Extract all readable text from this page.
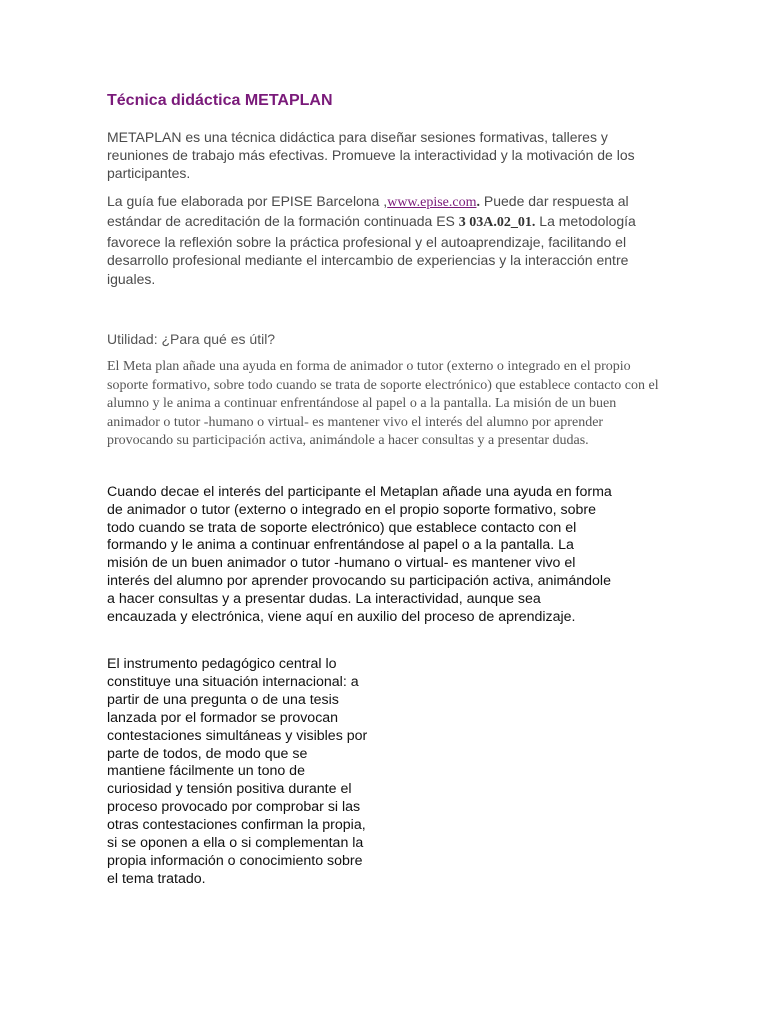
Técnica didáctica METAPLAN

METAPLAN es una técnica didáctica para diseñar sesiones formativas, talleres y reuniones de trabajo más efectivas. Promueve la interactividad y la motivación de los participantes.

La guía fue elaborada por EPISE Barcelona ,www.epise.com. Puede dar respuesta al estándar de acreditación de la formación continuada ES 3 03A.02_01. La metodología favorece la reflexión sobre la práctica profesional y el autoaprendizaje, facilitando el desarrollo profesional mediante el intercambio de experiencias y la interacción entre iguales.

Utilidad: ¿Para qué es útil?

El Meta plan añade una ayuda en forma de animador o tutor (externo o integrado en el propio soporte formativo, sobre todo cuando se trata de soporte electrónico) que establece contacto con el alumno y le anima a continuar enfrentándose al papel o a la pantalla. La misión de un buen animador o tutor -humano o virtual- es mantener vivo el interés del alumno por aprender provocando su participación activa, animándole a hacer consultas y a presentar dudas.

Cuando decae el interés del participante el Metaplan añade una ayuda en forma de animador o tutor (externo o integrado en el propio soporte formativo, sobre todo cuando se trata de soporte electrónico) que establece contacto con el formando y le anima a continuar enfrentándose al papel o a la pantalla. La misión de un buen animador o tutor -humano o virtual- es mantener vivo el interés del alumno por aprender provocando su participación activa, animándole a hacer consultas y a presentar dudas. La interactividad, aunque sea encauzada y electrónica, viene aquí en auxilio del proceso de aprendizaje.

El instrumento pedagógico central lo constituye una situación internacional: a partir de una pregunta o de una tesis lanzada por el formador se provocan contestaciones simultáneas y visibles por parte de todos, de modo que se mantiene fácilmente un tono de curiosidad y tensión positiva durante el proceso provocado por comprobar si las otras contestaciones confirman la propia, si se oponen a ella o si complementan la propia información o conocimiento sobre el tema tratado.
